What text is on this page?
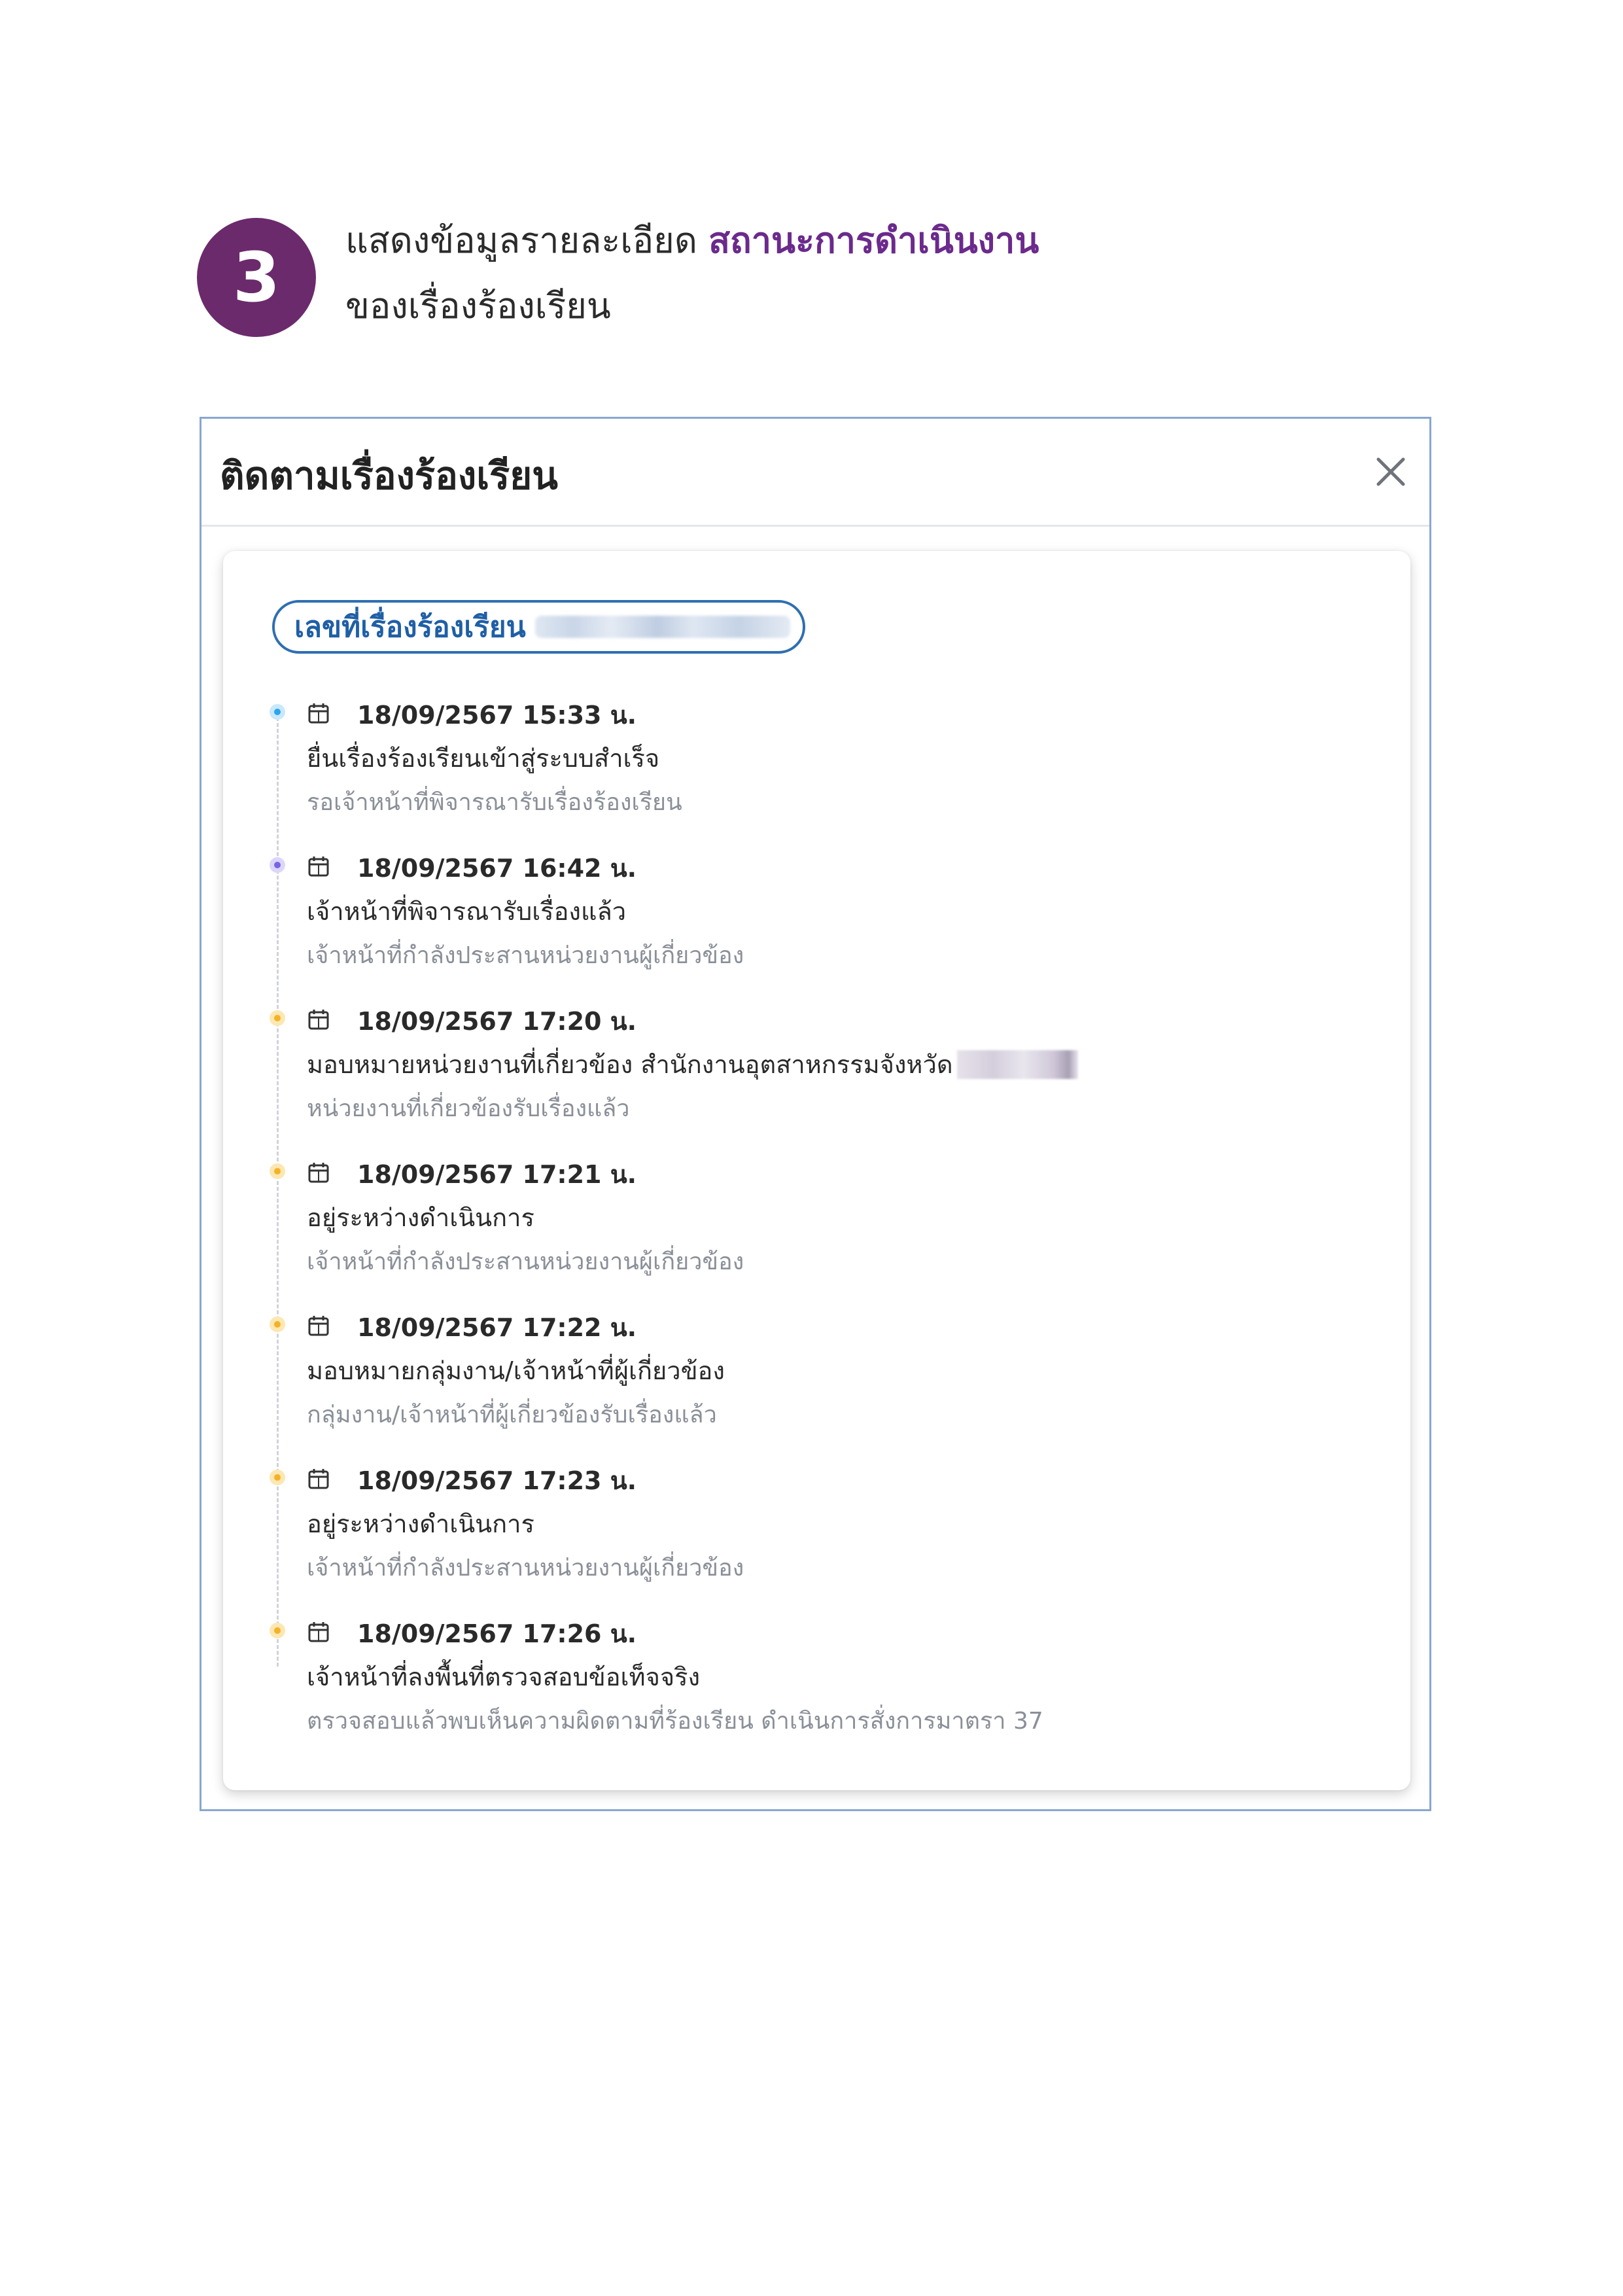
3 แสดงข้อมูลรายละเอียด สถานะการดำเนินงาน
ของเรื่องร้องเรียน
ติดตามเรื่องร้องเรียน
เลขที่เรื่องร้องเรียน
18/09/2567 15:33 น.
ยื่นเรื่องร้องเรียนเข้าสู่ระบบสำเร็จ
รอเจ้าหน้าที่พิจารณารับเรื่องร้องเรียน
18/09/2567 16:42 น.
เจ้าหน้าที่พิจารณารับเรื่องแล้ว
เจ้าหน้าที่กำลังประสานหน่วยงานผู้เกี่ยวข้อง
18/09/2567 17:20 น.
มอบหมายหน่วยงานที่เกี่ยวข้อง สำนักงานอุตสาหกรรมจังหวัด
หน่วยงานที่เกี่ยวข้องรับเรื่องแล้ว
18/09/2567 17:21 น.
อยู่ระหว่างดำเนินการ
เจ้าหน้าที่กำลังประสานหน่วยงานผู้เกี่ยวข้อง
18/09/2567 17:22 น.
มอบหมายกลุ่มงาน/เจ้าหน้าที่ผู้เกี่ยวข้อง
กลุ่มงาน/เจ้าหน้าที่ผู้เกี่ยวข้องรับเรื่องแล้ว
18/09/2567 17:23 น.
อยู่ระหว่างดำเนินการ
เจ้าหน้าที่กำลังประสานหน่วยงานผู้เกี่ยวข้อง
18/09/2567 17:26 น.
เจ้าหน้าที่ลงพื้นที่ตรวจสอบข้อเท็จจริง
ตรวจสอบแล้วพบเห็นความผิดตามที่ร้องเรียน ดำเนินการสั่งการมาตรา 37
